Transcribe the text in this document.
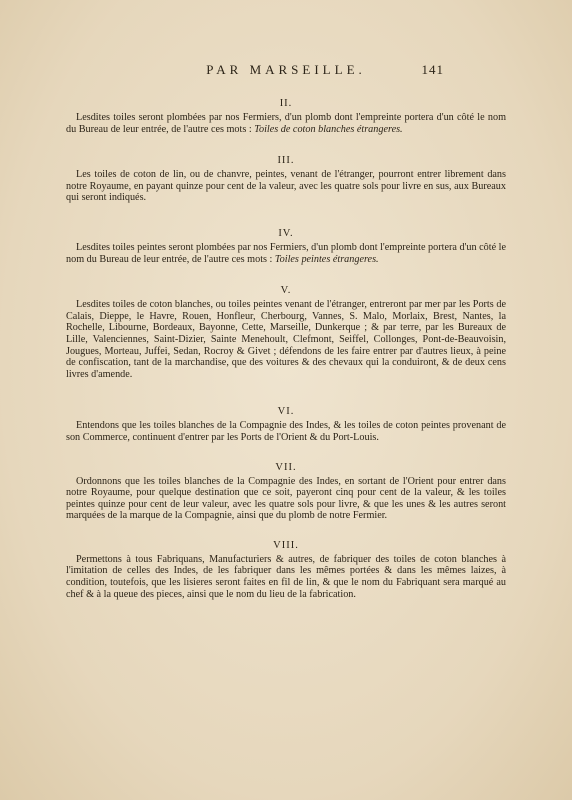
PAR MARSEILLE.	141
II.

Lesdites toiles seront plombées par nos Fermiers, d'un plomb dont l'empreinte portera d'un côté le nom du Bureau de leur entrée, de l'autre ces mots : Toiles de coton blanches étrangeres.

III.

Les toiles de coton de lin, ou de chanvre, peintes, venant de l'étranger, pourront entrer librement dans notre Royaume, en payant quinze pour cent de la valeur, avec les quatre sols pour livre en sus, aux Bureaux qui seront indiqués.

IV.

Lesdites toiles peintes seront plombées par nos Fermiers, d'un plomb dont l'empreinte portera d'un côté le nom du Bureau de leur entrée, de l'autre ces mots : Toiles peintes étrangeres.

V.

Lesdites toiles de coton blanches, ou toiles peintes venant de l'étranger, entreront par mer par les Ports de Calais, Dieppe, le Havre, Rouen, Honfleur, Cherbourg, Vannes, S. Malo, Morlaix, Brest, Nantes, la Rochelle, Libourne, Bordeaux, Bayonne, Cette, Marseille, Dunkerque ; & par terre, par les Bureaux de Lille, Valenciennes, Saint-Dizier, Sainte Menehoult, Clefmont, Seiffel, Collonges, Pont-de-Beauvoisin, Jougues, Morteau, Juffei, Sedan, Rocroy & Givet ; défendons de les faire entrer par d'autres lieux, à peine de confiscation, tant de la marchandise, que des voitures & des chevaux qui la conduiront, & de deux cens livres d'amende.

VI.

Entendons que les toiles blanches de la Compagnie des Indes, & les toiles de coton peintes provenant de son Commerce, continuent d'entrer par les Ports de l'Orient & du Port-Louis.

VII.

Ordonnons que les toiles blanches de la Compagnie des Indes, en sortant de l'Orient pour entrer dans notre Royaume, pour quelque destination que ce soit, payeront cinq pour cent de la valeur, & les toiles peintes quinze pour cent de leur valeur, avec les quatre sols pour livre, & que les unes & les autres seront marquées de la marque de la Compagnie, ainsi que du plomb de notre Fermier.

VIII.

Permettons à tous Fabriquans, Manufacturiers & autres, de fabriquer des toiles de coton blanches à l'imitation de celles des Indes, de les fabriquer dans les mêmes portées & dans les mêmes laizes, à condition, toutefois, que les lisieres seront faites en fil de lin, & que le nom du Fabriquant sera marqué au chef & à la queue des pieces, ainsi que le nom du lieu de la fabrication.
